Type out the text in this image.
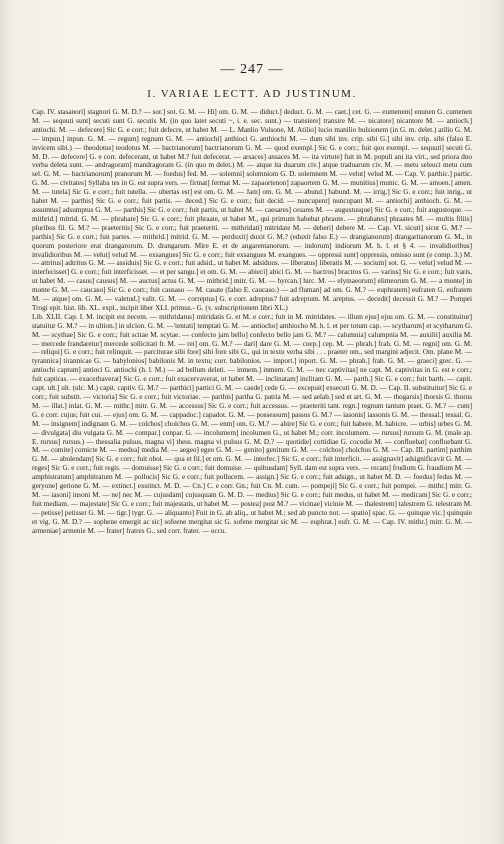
— 247 —
I. VARIAE LECTT. AD JUSTINUM.

Cap. IV. stasanori] stagnori G. M. D.? — sor.] sot. G. M. — Hi] om. G. M. — diduct.] deduct. G. M. — caet.] cet. G. — eumenem] enunen G. cumenen M. — sequuti sunt] secuti sunt G. secutis M. (in quo latet secuti ~, i. e. sec. sunt.) — transiere] transire M. — nicatore] nicantore M. — antioch.] antiochi. M. — defecere] Sic G. e corr.; fuit defecre, ut habet M. — L. Manlio Vulsone, M. Atilio] lucio manilio bulsionem (in G. m. delet.) atilio G. M. — impun.] inpun. G. M. — regum] regnum G. M. — antiochi] anthioci G. anthiochi M. — dum sibi inv. crip. sibi G.] sibi inv. crip. sibi (falso E. invicem sibi.) — theodotus] teodotus M. — bactrianorum] bactrianorum G. M. — quod exempl.] Sic G. e corr.; fuit quo exempl. — sequuti] secuti G. M. D. — defecere] G. e corr. defecerant, ut habet M.? fuit defecerat. — arsaces] ansaces M. — ita virtute] fuit in M. populi ani ita virt., sed priora duo verba deleta sunt. — andragoram] mandragoram G. (in quo m delet.) M. — atque ita duarum civ.] atque traduarum civ. M. — metu seleuci metu cum sel. G. M. — bactrianorum] pranorum M. — foedus] fed. M. — solemni] solemniom G. D. solemnem M. — velut] velud M. — Cap. V. parthic.] partic. G. M. — civitates] Syllaba tes in G. est supra vers. — firmat] fermat M. — zapaortenon] zapaortem G. M. — munitius] munic. G. M. — amoen.] amen. M. — tutela] Sic G. e corr.; fuit tutella. — ubertas est] est om. G. M. — Jam] om. G. M. — abund.] habund. M. — irrig.] Sic G. e corr.; fuit inrig., ut habet M. — parthis] Sic G. e corr.; fuit partis. — deced.] Sic G. e corr.; fuit decid. — nuncupent] nuncupant M. — antiochi] anthioch. G. M. — assumtus] adsumptus G. M. — parthis] Sic G. e corr.; fuit partis, ut habet M. — caesares] cesares M. — augustusque] Sic G. e corr.; fuit augustoque. — mithrid.] mitrid. G. M. — phrahate] Sic G. e corr.; fuit phraate, ut habet M., qui primum habebat phraote. — phrahates] phraates M. — multis filiis] pluribus fil. G. M.? — praeteritis] Sic G. e corr.; fuit praeteriti. — mithridati] mitridate M. — deberi] debere M. — Cap. VI. sicuti] sicut G. M.? — parthis] Sic G. e corr.; fuit partes. — mithrid.] mitrid. G. M. — perduxit] duxit G. M.? (eduxit falso E.) — drangianorum] drangaritanorum G. M., in quorum posteriore erat drangarorum. D. drangarum. Mire E. et de angarentanorum. — indorum] indiorum M. h. l. et § 4. — invalidioribus] invalidioribus M. — velut] velud M. — exsangues] Sic G. e corr.; fuit exsangues M. exangues. — oppressi sunt] oppressis, omisso sunt (e comp. 3.) M. — attritus] adtritus G. M. — assiduis] Sic G. e corr.; fuit adsid., ut habet M. adsiduus. — liberatus] liberatis M. — socium] sot. G. — velut] velud M. — interfecisset] G. e corr.; fuit interficisset. — et per sangu.] et om. G. M. — abieci] abici G. M. — bactros] bractros G. — varius] Sic G. e corr.; fuit varis, ut habet M. — casus] causus] M. — auctus] actus G. M. — mithrid.] mitr. G. M. — hyrcan.] hirc. M. — elymaeorum] elimeorum G. M. — a monte] in monte G. M. — caucaso] Sic G. e corr.; fuit causaso — M. casate (falso E. caucaso.) — ad fluman] ad om. G. M.? — euphratem] eufraten G. eufratem M. — atque] om. G. M. — valetud.] valit. G. M. — correptus] G. e corr. adreptus? fuit adreptum. M. areptus. — decedit] decessit G. M.? — Pompei Trogi epit. hist. lib. XL. expl., incipit liber XLI. primus.- G. (v. subscriptionem libri XL.)

Lib. XLII. Cap. I. M. incipit est necem. — mithridatus] mitridatis G. et M. e corr.; fuit in M. mitridates. — illum ejus] ejus om. G. M. — constituitur] statuitur G. M.? — in ultion.] in ulcion. G. M. —'tentati] temptati G. M. — antiocho] anthiocho M. h. l. et per totum cap. — scytharum] et scytharum G. M. — scythae] Sic G. e corr.; fuit scitae M. scytae. — confecto jam bello] confecto bello jam G. M.? — calumnia] calumpnia M. — auxilii] auxilia M. — mercede frandaretur] mercede sollicitati fr. M. — rei] om. G. M.? — dari] dare G. M. — coep.] cep. M. — phrah.] frah. G. M. — regni] om. G. M. — reliqui] G. e corr.; fuit relinquit. — parciturae sibi fore] sibi fore sibi G., qui in textu verba sibi . . . praeter om., sed margini adjecit. Om. plane M. — tyrannica] tirannicae G. — babylonios] babilonis M. in textu; corr. babilonios. — import.] inport. G. M. — phrah.] frah. G. M. — graeci] grec. G. — antiochi captum] antioci G. antiochi (h. l. M.) — ad bellum deleti. — inmem.] inmem. G. M. — nec captivitas] ne capt. M. captivitas in G. est e corr.; fuit captiras. — exacerbaverat] Sic G. e corr.; fuit exacervaverat, ut habet M. — inclinatam] inclitam G. M. — parth.] Sic G. e corr.; fuit barth. — capit. capt. ult.] ult. (ulc. M.) capit. captiv. G. M.? — parthici] partici G. M. — caede] cede G. — excepuit] exsecuti G. M. D. — Cap. II. substituitur] Sic G. e corr.; fuit substit. — victoria] Sic G. e corr.; fuit victoriae. — parthis] partha G. patria M. — sed aelab.] sed et art. G. M. — thogarsis] thorsis G. thorus M. — illat.] inlat. G. M. — mithr.] mitr. G. M. — accessus] Sic G. e corr.; fuit accessus. — praeteriti tant. regn.] regnum tantum praet. G. M.? — cum] G. e corr. cujus; fuit cui. — ejus] om. G. M. — cappadoc.] capadot. G. M. — possessum] passus G. M.? — iasonis] iassonis G. M. — thessal.] tessal. G. M. — insignem] indignam G. M. — colchos] cholchos G. M. — enm] om. G. M.? — abire] Sic G. e corr.; fuit habere. M. habicre. — urbis] urbes G. M. — divulgata] diu vulgata G. M. — compar.] conpar. G. — incolumem] incolumen G., ut habet M.; corr. incolumem. — rursus] rursum G. M. (male ap. E. rursus] rursus.) — thessalia pulsus, magna vi] thess. magna vi pulsus G. M. D.? — quotidie] cottidiae G. cocodie M. — confluebat] confluebant G. M. — comite] comicte M. — medea] media M. — aegeo] egeo G. M. — genito] genitum G. M. — colchos] cholchos G. M. — Cap. III. partim] parthim G. M. — abolendam] Sic G. e corr.; fuit obol. — qua et fil.] et om. G. M. — interfec.] Sic G. e corr.; fuit interficit. — assignavit] adsignificavit G. M. — reges] Sic G. e corr.; fuit regis. — domuisse] Sic G. e corr.; fuit domuise. — quibusdam] Syll. dam est supra vers. — recam] frudium G. fraudium M. — amphistratum] amphitratum M. — pollucis] Sic G. e corr.; fuit pollucem. — assign.] Sic G. e corr.; fuit adsign., ut habet M. D. — foedus] fedus M. — geryone] gerione G. M. — extinct.] exstinct. M. D. — Cn.] C. e corr. Gn.; fuit Cn. M. cum. — pompeji] Sic G. e corr.; fuit pompei. — mithr.] mitr. G. M. — iasoni] insoni M. — ne] nec M. — cujusdam] cujusquam G. M. D. — medius] Sic G. e corr.; fuit medus, ut habet M. — medicam] Sic G. e corr.; fuit mediam. — majestate] Sic G. e corr.; fuit majestatis, ut habet M. — postea] post M.? — vicinae] vicinie M. — thalestrem] talestrem G. telestram M. — petisse] petisset G. M. — tigr.] tygr. G. — aliquanto] Fuit in G. ab aliq., ut habet M.; sed ab puncto not. — spatio] spac. G. — quinque vic.] quinquie et vig. G. M. D.? — sophene emergit ac sic] sofeene mergitat sic G. sofene mergitat sic M. — euphrat.] eufr. G. M. — Cap. IV. mithr.] mitr. G. M. — armeniae] armenie M. — frater] fratres G., sed corr. frater. — occu.
